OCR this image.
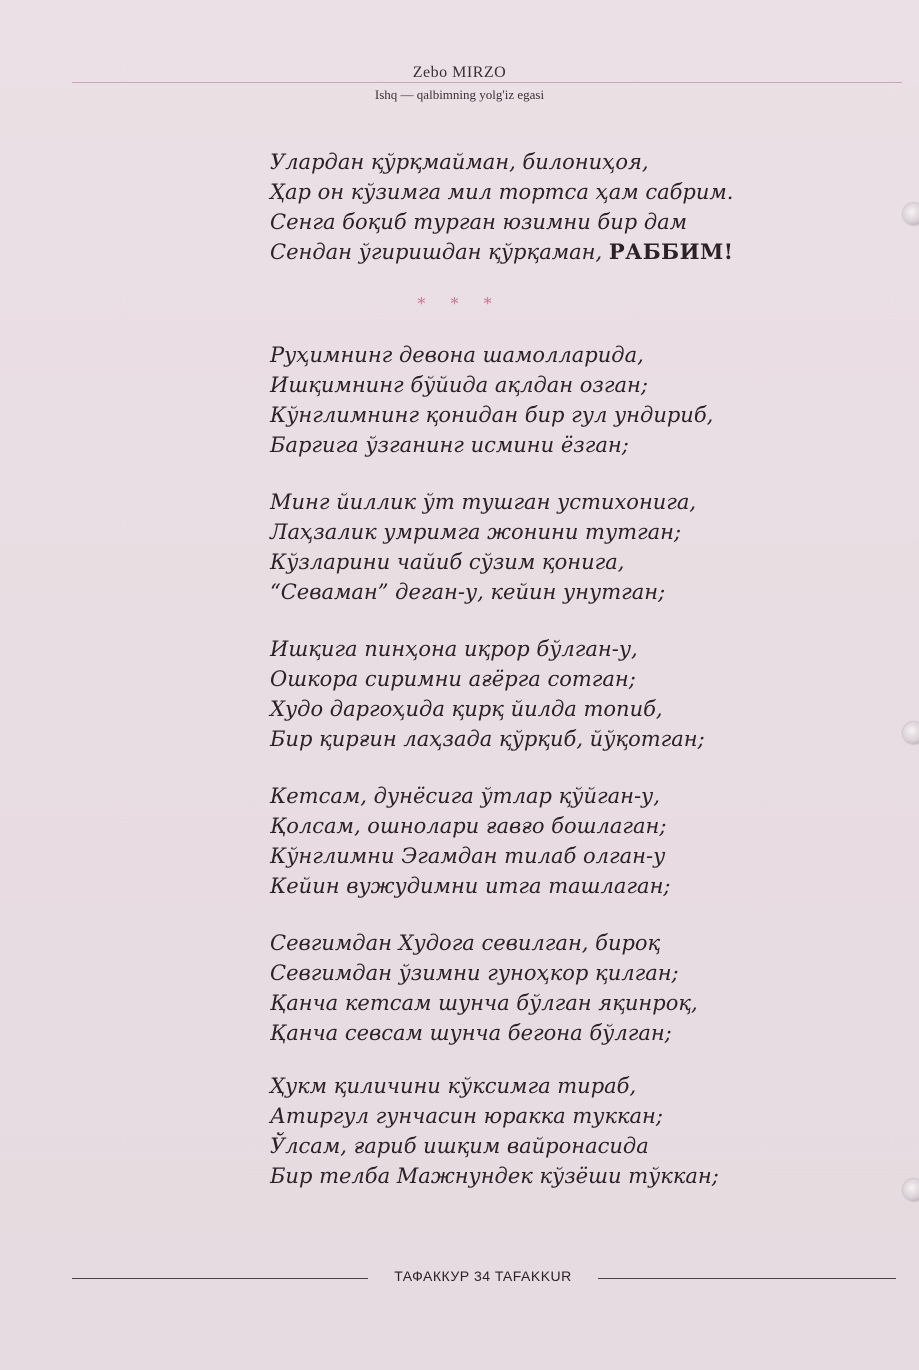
Zebo MIRZO
Ishq — qalbimning yolg'iz egasi
Улардан қўрқмайман, билониҳоя,
Ҳар он кўзимга мил тортса ҳам сабрим.
Сенга боқиб турган юзимни бир дам
Сендан ўгиришдан қўрқаман, РАББИМ!
* * *
Руҳимнинг девона шамолларида,
Ишқимнинг бўйида ақлдан озган;
Кўнглимнинг қонидан бир гул ундириб,
Баргига ўзганинг исмини ёзган;
Минг йиллик ўт тушган устихонига,
Лаҳзалик умримга жонини тутган;
Кўзларини чайиб сўзим қонига,
“Севаман” деган-у, кейин унутган;
Ишқига пинҳона иқрор бўлган-у,
Ошкора сиримни ағёрга сотган;
Худо даргоҳида қирқ йилда топиб,
Бир қирғин лаҳзада қўрқиб, йўқотган;
Кетсам, дунёсига ўтлар қўйган-у,
Қолсам, ошнолари ғавғо бошлаган;
Кўнглимни Эгамдан тилаб олган-у
Кейин вужудимни итга ташлаган;
Севгимдан Худога севилган, бироқ
Севгимдан ўзимни гуноҳкор қилган;
Қанча кетсам шунча бўлган яқинроқ,
Қанча севсам шунча бегона бўлган;
Ҳукм қиличини кўксимга тираб,
Атиргул гунчасин юракка туккан;
Ўлсам, ғариб ишқим вайронасида
Бир телба Мажнундек кўзёши тўккан;
ТАФАККУР 34 TAFAKKUR
